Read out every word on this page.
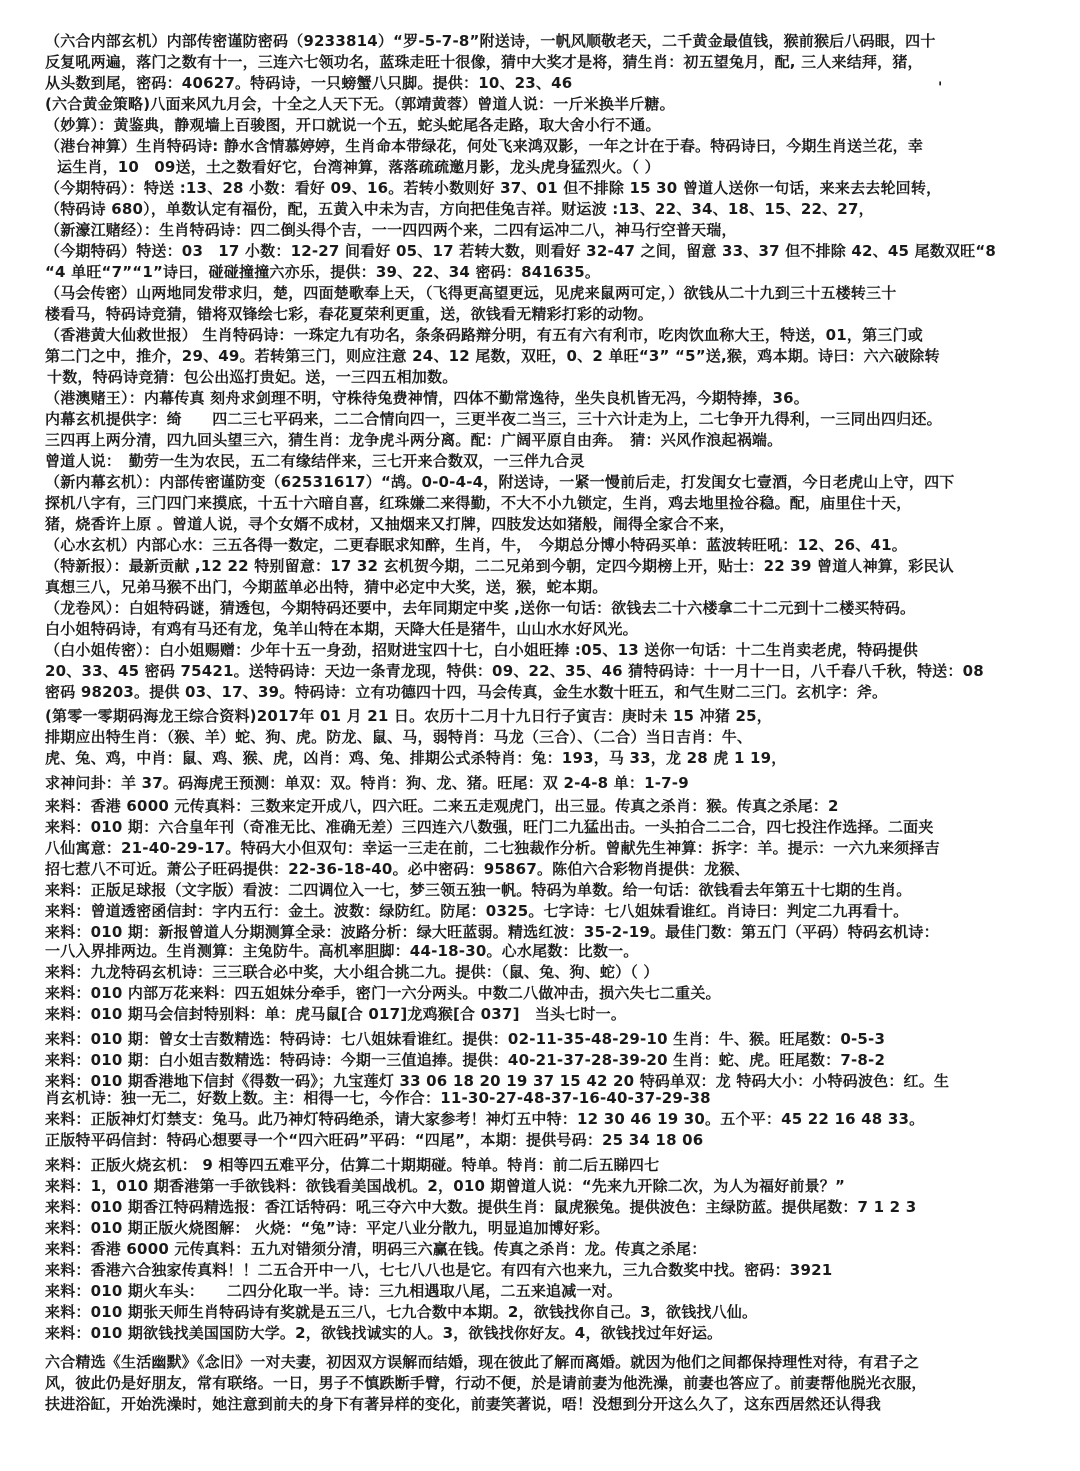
（六合内部玄机）内部传密谨防密码（9233814）“罗-5-7-8”附送诗，一帆风顺敬老天，二千黄金最值钱，猴前猴后八码眼，四十
反复吼两遍，落门之数有十一，三连六七领功名，蓝珠走旺十很像，猜中大奖才是将，猜生肖：初五望兔月，配, 三人来结拜，猪，
从头数到尾，密码：40627。特码诗，一只螃蟹八只脚。提供：10、23、46
(六合黄金策略)八面来风九月会，十全之人天下无。（郭靖黄蓉）曾道人说：一斤米换半斤糖。
（妙算）：黄鉴典，静观墙上百骏图，开口就说一个五，蛇头蛇尾各走路，取大舍小行不通。
（港台神算）生肖特码诗: 静水含情慕婷婷，生肖命本带绿花，何处飞来鸿双影，一年之计在于春。特码诗曰，今期生肖送兰花，幸
运生肖，10　09送，土之数看好它，台湾神算，落落疏疏邀月影，龙头虎身猛烈火。（ ）
（今期特码）：特送 :13、28 小数：看好 09、16。若转小数则好 37、01 但不排除 15 30 曾道人送你一句话，来来去去轮回转，
（特码诗 680），单数认定有福份，配，五黄入中未为吉，方向把佳兔吉祥。财运波 :13、22、34、18、15、22、27，
（新濠江赌经）：生肖特码诗：四二倒头得个吉，一一四四两个来，二四有运冲二八，神马行空普天瑞，
（今期特码）特送：03　17 小数：12-27 间看好 05、17 若转大数，则看好 32-47 之间，留意 33、37 但不排除 42、45 尾数双旺“8
“4 单旺“7”“1”诗曰，碰碰撞撞六亦乐，提供：39、22、34 密码：841635。
（马会传密）山两地同发带求归，楚，四面楚歌奉上天，（飞得更高望更远，见虎来鼠两可定，）欲钱从二十九到三十五楼转三十
楼看马，特码诗竞猜，错将双锋绘七彩，春花夏荣利更重，送，欲钱看无精彩打彩的动物。
（香港黄大仙救世报） 生肖特码诗：一珠定九有功名，条条码路辩分明，有五有六有利市，吃肉饮血称大王，特送，01，第三门或
第二门之中，推介，29、49。若转第三门，则应注意 24、12 尾数，双旺，0、2 单旺“3” “5”送,猴，鸡本期。诗曰：六六破除转
十数，特码诗竞猜：包公出巡打贵妃。送，一三四五相加数。
（港澳赌王）：内幕传真 刻舟求剑理不明，守株待兔费神情，四体不勤常逸待，坐失良机皆无冯，今期特捧，36。
内幕玄机提供字：绮　　四二三七平码来，二二合情向四一，三更半夜二当三，三十六计走为上，二七争开九得利，一三同出四归还。
三四再上两分清，四九回头望三六，猜生肖：龙争虎斗两分离。配：广阔平原自由奔。　猜：兴风作浪起祸端。
曾道人说：　勤劳一生为农民，五二有缘结伴来，三七开来合数双，一三伴九合灵
（新内幕玄机）：内部传密谨防变（62531617）“鸪。0-0-4-4，附送诗，一紧一慢前后走，打发闺女七壹酒，今日老虎山上守，四下
探机八字有，三门四门来摸底，十五十六暗自喜，红珠嫌二来得勤，不大不小九锁定，生肖，鸡去地里捡谷稳。配，庙里住十天，
猪，烧香许上原 。曾道人说，寻个女婿不成材，又抽烟来又打牌，四肢发达如猪般，闹得全家合不来，
（心水玄机）内部心水：三五各得一数定，二更春眠求知醉，生肖，牛，　今期总分博小特码买单：蓝波转旺吼：12、26、41。
（特新报）：最新贡献 ,12 22 特别留意：17 32 玄机贺今期，二二兄弟到今朝，定四今期榜上开，贴士：22 39 曾道人神算，彩民认
真想三八，兄弟马猴不出门，今期蓝单必出特，猜中必定中大奖，送，猴，蛇本期。
（龙卷风）：白姐特码谜，猜透包，今期特码还要中，去年同期定中奖 ,送你一句话：欲钱去二十六楼拿二十二元到十二楼买特码。
白小姐特码诗，有鸡有马还有龙，兔羊山特在本期，天降大任是猪牛，山山水水好风光。
（白小姐传密）：白小姐赐赠：少年十五一身劲，招财进宝四十七，白小姐旺捧 :05、13 送你一句话：十二生肖卖老虎，特码提供
20、33、45 密码 75421。送特码诗：天边一条青龙现，特供：09、22、35、46 猜特码诗：十一月十一日，八千春八千秋，特送：08
密码 98203。提供 03、17、39。特码诗：立有功德四十四，马会传真，金生水数十旺五，和气生财二三门。玄机字：斧。
(第零一零期码海龙王综合资料)2017年 01 月 21 日。农历十二月十九日行子寅吉：庚时未 15 冲猪 25，
排期应出特生肖：（猴、羊）蛇、狗、虎。防龙、鼠、马，弱特肖：马龙（三合）、（二合）当日吉肖：牛、
虎、兔、鸡，中肖：鼠、鸡、猴、虎，凶肖：鸡、兔、排期公式杀特肖：兔：193，马 33，龙 28 虎 1 19，
求神问卦：羊 37。码海虎王预测：单双：双。特肖：狗、龙、猪。旺尾：双 2-4-8 单：1-7-9
来料：香港 6000 元传真料：三数来定开成八，四六旺。二来五走观虎门，出三显。传真之杀肖：猴。传真之杀尾：2
来料：010 期：六合皇年刊（奇准无比、准确无差）三四连六八数强，旺门二九猛出击。一头拍合二二合，四七投注作选择。二面夹
八仙寓意：21-40-29-17。特码大小但双句：幸运一三走在前，二七独裁作分析。曾献先生神算：拆字：羊。提示：一六九来须择吉
招七惹八不可近。萧公子旺码提供：22-36-18-40。必中密码：95867。陈伯六合彩物肖提供：龙猴、
来料：正版足球报（文字版）看波：二四调位入一七，梦三领五独一帆。特码为单数。给一句话：欲钱看去年第五十七期的生肖。
来料：曾道透密函信封：字内五行：金土。波数：绿防红。防尾：0325。七字诗：七八姐妹看谁红。肖诗曰：判定二九再看十。
来料：010 期：新报曾道人分期测算全录：波路分析：绿大旺蓝弱。精选红波：35-2-19。最佳门数：第五门（平码）特码玄机诗：
一八入界排两边。生肖测算：主兔防牛。高机率胆脚：44-18-30。心水尾数：比数一。
来料：九龙特码玄机诗：三三联合必中奖，大小组合挑二九。提供：（鼠、兔、狗、蛇）（ ）
来料：010 内部万花来料：四五姐妹分牵手，密门一六分两头。中数二八做冲击，损六失七二重关。
来料：010 期马会信封特别料：单：虎马鼠[合 017]龙鸡猴[合 037]　当头七时一。
来料：010 期：曾女士吉数精选：特码诗：七八姐妹看谁红。提供：02-11-35-48-29-10 生肖：牛、猴。旺尾数：0-5-3
来料：010 期：白小姐吉数精选：特码诗：今期一三值追捧。提供：40-21-37-28-39-20 生肖：蛇、虎。旺尾数：7-8-2
来料：010 期香港地下信封《得数一码》；九宝莲灯 33 06 18 20 19 37 15 42 20 特码单双：龙 特码大小：小特码波色：红。生
肖玄机诗：独一无二，好数上数。主：相得一七，今作合：11-30-27-48-37-16-40-37-29-38
来料：正版神灯灯禁支：兔马。此乃神灯特码绝杀，请大家参考！神灯五中特：12 30 46 19 30。五个平：45 22 16 48 33。
正版特平码信封：特码心想要寻一个“四六旺码”平码：“四尾”，本期：提供号码：25 34 18 06
来料：正版火烧玄机： 9 相等四五难平分，估算二十期期碰。特单。特肖：前二后五睇四七
来料：1，010 期香港第一手欲钱料：欲钱看美国战机。2，010 期曾道人说：“先来九开除二次，为人为福好前景？”
来料：010 期香江特码精选报：香江话特码：吼三夺六中大数。提供生肖：鼠虎猴兔。提供波色：主绿防蓝。提供尾数：7 1 2 3
来料：010 期正版火烧图解： 火烧：“兔”诗：平定八业分散九，明显追加博好彩。
来料：香港 6000 元传真料：五九对错须分清，明码三六赢在钱。传真之杀肖：龙。传真之杀尾：
来料：香港六合独家传真料！！二五合开中一八，七七八八也是它。有四有六也来九，三九合数奖中找。密码：3921
来料：010 期火车头：　　二四分化取一半。诗：三九相遇取八尾，二五来追减一对。
来料：010 期张天师生肖特码诗有奖就是五三八，七九合数中本期。2，欲钱找你自己。3，欲钱找八仙。
来料：010 期欲钱找美国国防大学。2，欲钱找诚实的人。3，欲钱找你好友。4，欲钱找过年好运。
六合精选《生活幽默》《念旧》一对夫妻，初因双方误解而结婚，现在彼此了解而离婚。就因为他们之间都保持理性对待，有君子之
风，彼此仍是好朋友，常有联络。一日，男子不慎跌断手臂，行动不便，於是请前妻为他洗澡，前妻也答应了。前妻帮他脱光衣服，
扶进浴缸，开始洗澡时，她注意到前夫的身下有著异样的变化，前妻笑著说，唔！没想到分开这么久了，这东西居然还认得我
'
